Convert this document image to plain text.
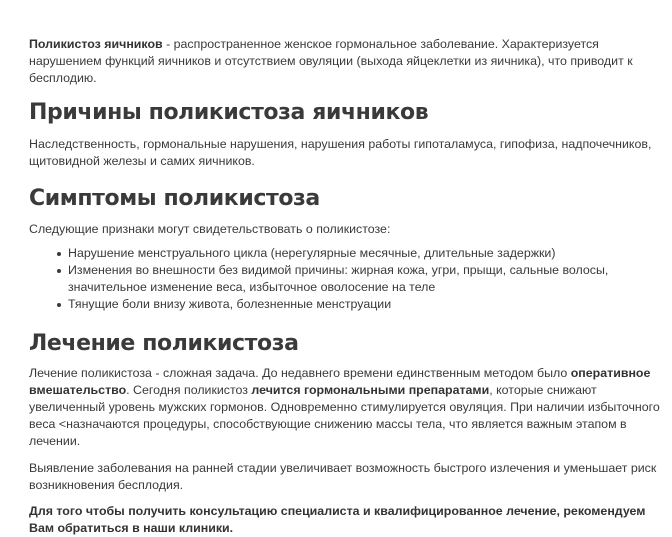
Поликистоз яичников - распространенное женское гормональное заболевание. Характеризуется нарушением функций яичников и отсутствием овуляции (выхода яйцеклетки из яичника), что приводит к бесплодию.

Причины поликистоза яичников

Наследственность, гормональные нарушения, нарушения работы гипоталамуса, гипофиза, надпочечников, щитовидной железы и самих яичников.

Симптомы поликистоза

Следующие признаки могут свидетельствовать о поликистозе:

Нарушение менструального цикла (нерегулярные месячные, длительные задержки)
Изменения во внешности без видимой причины: жирная кожа, угри, прыщи, сальные волосы, значительное изменение веса, избыточное оволосение на теле
Тянущие боли внизу живота, болезненные менструации
Лечение поликистоза

Лечение поликистоза - сложная задача. До недавнего времени единственным методом было оперативное вмешательство. Сегодня поликистоз лечится гормональными препаратами, которые снижают увеличенный уровень мужских гормонов. Одновременно стимулируется овуляция. При наличии избыточного веса <назначаются процедуры, способствующие снижению массы тела, что является важным этапом в лечении.

Выявление заболевания на ранней стадии увеличивает возможность быстрого излечения и уменьшает риск возникновения бесплодия.

Для того чтобы получить консультацию специалиста и квалифицированное лечение, рекомендуем Вам обратиться в наши клиники.
